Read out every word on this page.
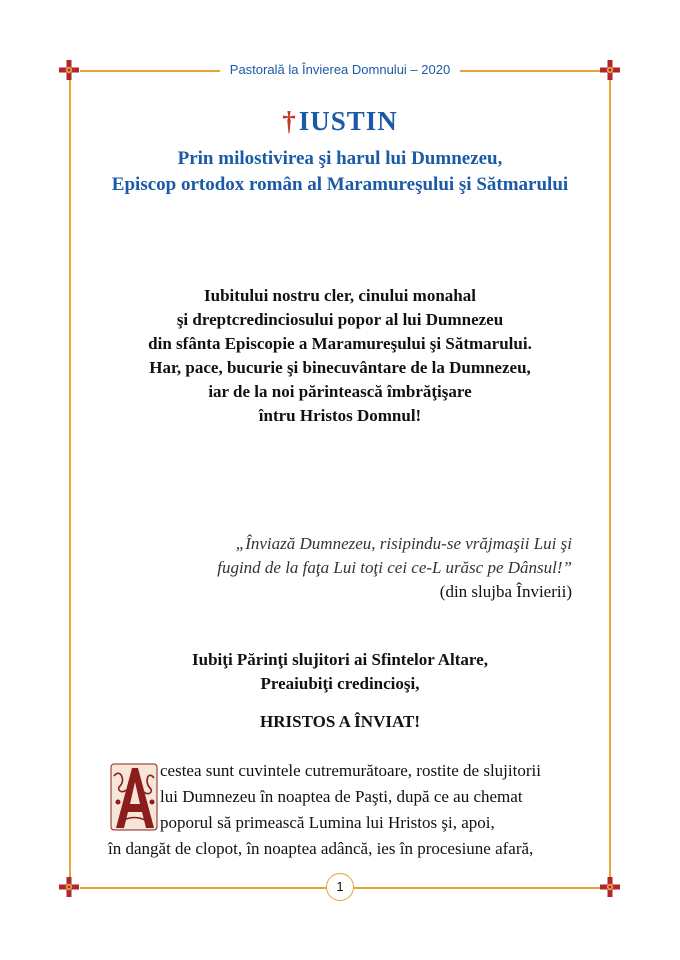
Pastorală la Învierea Domnului – 2020
†IUSTIN
Prin milostivirea şi harul lui Dumnezeu,
Episcop ortodox român al Maramureşului şi Sătmarului
Iubitului nostru cler, cinului monahal
şi dreptcredinciosului popor al lui Dumnezeu
din sfânta Episcopie a Maramureşului şi Sătmarului.
Har, pace, bucurie şi binecuvântare de la Dumnezeu,
iar de la noi părintească îmbrăţişare
întru Hristos Domnul!
„Înviază Dumnezeu, risipindu-se vrăjmaşii Lui şi
fugind de la faţa Lui toţi cei ce-L urăsc pe Dânsul!”
(din slujba Învierii)
Iubiţi Părinţi slujitori ai Sfintelor Altare,
Preaiubiţi credincioşi,
HRISTOS A ÎNVIAT!
cestea sunt cuvintele cutremurătoare, rostite de slujitorii
lui Dumnezeu în noaptea de Paşti, după ce au chemat
poporul să primească Lumina lui Hristos şi, apoi,
în dangăt de clopot, în noaptea adâncă, ies în procesiune afară,
1
